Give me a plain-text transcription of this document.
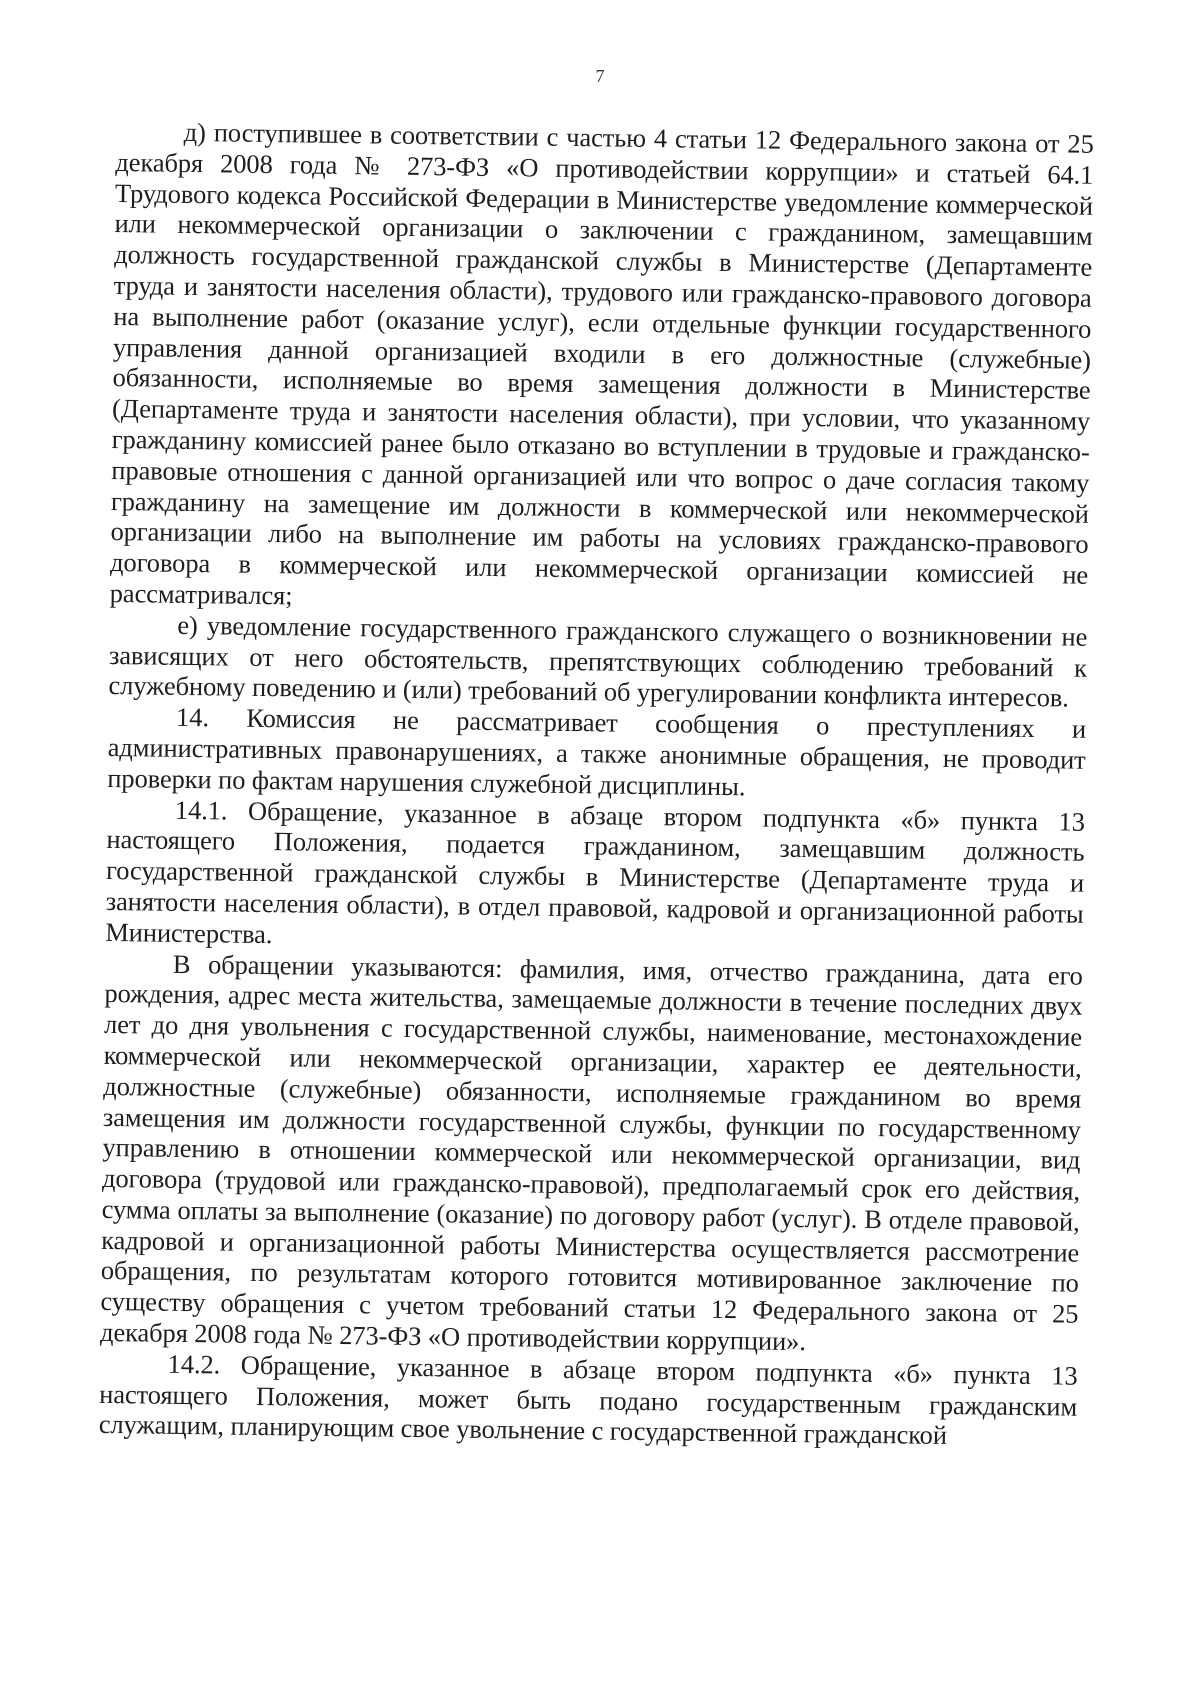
7

д) поступившее в соответствии с частью 4 статьи 12 Федерального закона от 25 декабря 2008 года № 273-ФЗ «О противодействии коррупции» и статьей 64.1 Трудового кодекса Российской Федерации в Министерстве уведомление коммерческой или некоммерческой организации о заключении с гражданином, замещавшим должность государственной гражданской службы в Министерстве (Департаменте труда и занятости населения области), трудового или гражданско-правового договора на выполнение работ (оказание услуг), если отдельные функции государственного управления данной организацией входили в его должностные (служебные) обязанности, исполняемые во время замещения должности в Министерстве (Департаменте труда и занятости населения области), при условии, что указанному гражданину комиссией ранее было отказано во вступлении в трудовые и гражданско-правовые отношения с данной организацией или что вопрос о даче согласия такому гражданину на замещение им должности в коммерческой или некоммерческой организации либо на выполнение им работы на условиях гражданско-правового договора в коммерческой или некоммерческой организации комиссией не рассматривался;

е) уведомление государственного гражданского служащего о возникновении не зависящих от него обстоятельств, препятствующих соблюдению требований к служебному поведению и (или) требований об урегулировании конфликта интересов.

14. Комиссия не рассматривает сообщения о преступлениях и административных правонарушениях, а также анонимные обращения, не проводит проверки по фактам нарушения служебной дисциплины.

14.1. Обращение, указанное в абзаце втором подпункта «б» пункта 13 настоящего Положения, подается гражданином, замещавшим должность государственной гражданской службы в Министерстве (Департаменте труда и занятости населения области), в отдел правовой, кадровой и организационной работы Министерства.

В обращении указываются: фамилия, имя, отчество гражданина, дата его рождения, адрес места жительства, замещаемые должности в течение последних двух лет до дня увольнения с государственной службы, наименование, местонахождение коммерческой или некоммерческой организации, характер ее деятельности, должностные (служебные) обязанности, исполняемые гражданином во время замещения им должности государственной службы, функции по государственному управлению в отношении коммерческой или некоммерческой организации, вид договора (трудовой или гражданско-правовой), предполагаемый срок его действия, сумма оплаты за выполнение (оказание) по договору работ (услуг). В отделе правовой, кадровой и организационной работы Министерства осуществляется рассмотрение обращения, по результатам которого готовится мотивированное заключение по существу обращения с учетом требований статьи 12 Федерального закона от 25 декабря 2008 года № 273-ФЗ «О противодействии коррупции».

14.2. Обращение, указанное в абзаце втором подпункта «б» пункта 13 настоящего Положения, может быть подано государственным гражданским служащим, планирующим свое увольнение с государственной гражданской
